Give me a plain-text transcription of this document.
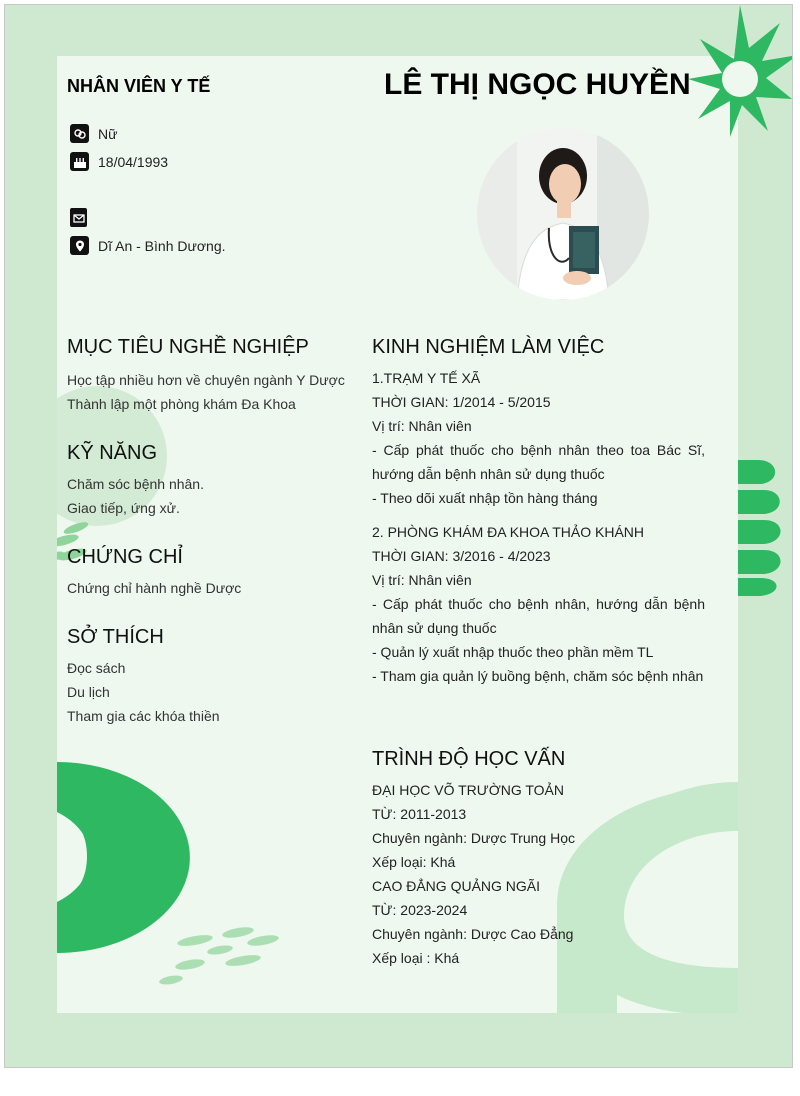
NHÂN VIÊN Y TẾ	LÊ THỊ NGỌC HUYỀN
Nữ
18/04/1993
Dĩ An - Bình Dương.
MỤC TIÊU NGHỀ NGHIỆP
Học tập nhiều hơn về chuyên ngành Y Dược
Thành lập một phòng khám Đa Khoa
KỸ NĂNG
Chăm sóc bệnh nhân.
Giao tiếp, ứng xử.
CHỨNG CHỈ
Chứng chỉ hành nghề Dược
SỞ THÍCH
Đọc sách
Du lịch
Tham gia các khóa thiền
KINH NGHIỆM LÀM VIỆC
1.TRẠM Y TẾ XÃ
THỜI GIAN: 1/2014 - 5/2015
Vị trí: Nhân viên
- Cấp phát thuốc cho bệnh nhân theo toa Bác Sĩ,
hướng dẫn bệnh nhân sử dụng thuốc
- Theo dõi xuất nhập tồn hàng tháng
2. PHÒNG KHÁM ĐA KHOA THẢO KHÁNH
THỜI GIAN: 3/2016 - 4/2023
Vị trí: Nhân viên
- Cấp phát thuốc cho bệnh nhân, hướng dẫn bệnh
nhân sử dụng thuốc
- Quản lý xuất nhập thuốc theo phần mềm TL
- Tham gia quản lý buồng bệnh, chăm sóc bệnh nhân
TRÌNH ĐỘ HỌC VẤN
ĐẠI HỌC VÕ TRƯỜNG TOẢN
TỪ: 2011-2013
Chuyên ngành: Dược Trung Học
Xếp loại: Khá
CAO ĐẲNG QUẢNG NGÃI
TỪ: 2023-2024
Chuyên ngành: Dược Cao Đẳng
Xếp loại : Khá
